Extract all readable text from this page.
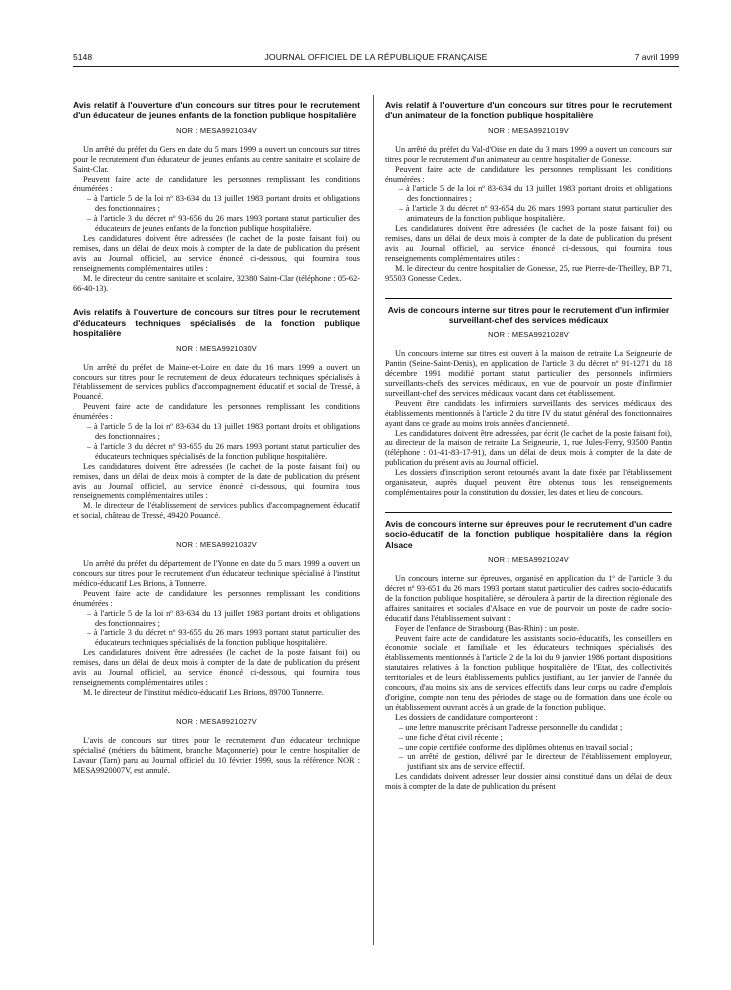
5148	JOURNAL OFFICIEL DE LA RÉPUBLIQUE FRANÇAISE	7 avril 1999
Avis relatif à l'ouverture d'un concours sur titres pour le recrutement d'un éducateur de jeunes enfants de la fonction publique hospitalière
NOR : MESA9921034V

Un arrêté du préfet du Gers en date du 5 mars 1999 a ouvert un concours sur titres pour le recrutement d'un éducateur de jeunes enfants au centre sanitaire et scolaire de Saint-Clar.

Peuvent faire acte de candidature les personnes remplissant les conditions énumérées :

– à l'article 5 de la loi nº 83-634 du 13 juillet 1983 portant droits et obligations des fonctionnaires ;
– à l'article 3 du décret nº 93-656 du 26 mars 1993 portant statut particulier des éducateurs de jeunes enfants de la fonction publique hospitalière.

Les candidatures doivent être adressées (le cachet de la poste faisant foi) ou remises, dans un délai de deux mois à compter de la date de publication du présent avis au Journal officiel, au service énoncé ci-dessous, qui fournira tous renseignements complémentaires utiles :

M. le directeur du centre sanitaire et scolaire, 32380 Saint-Clar (téléphone : 05-62-66-40-13).

Avis relatifs à l'ouverture de concours sur titres pour le recrutement d'éducateurs techniques spécialisés de la fonction publique hospitalière
NOR : MESA9921030V

Un arrêté du préfet de Maine-et-Loire en date du 16 mars 1999 a ouvert un concours sur titres pour le recrutement de deux éducateurs techniques spécialisés à l'établissement de services publics d'accompagnement éducatif et social de Tressé, à Pouancé.

Peuvent faire acte de candidature les personnes remplissant les conditions énumérées :

– à l'article 5 de la loi nº 83-634 du 13 juillet 1983 portant droits et obligations des fonctionnaires ;
– à l'article 3 du décret nº 93-655 du 26 mars 1993 portant statut particulier des éducateurs techniques spécialisés de la fonction publique hospitalière.

Les candidatures doivent être adressées (le cachet de la poste faisant foi) ou remises, dans un délai de deux mois à compter de la date de publication du présent avis au Journal officiel, au service énoncé ci-dessous, qui fournira tous renseignements complémentaires utiles :

M. le directeur de l'établissement de services publics d'accompagnement éducatif et social, château de Tressé, 49420 Pouancé.

NOR : MESA9921032V

Un arrêté du préfet du département de l'Yonne en date du 5 mars 1999 a ouvert un concours sur titres pour le recrutement d'un éducateur technique spécialisé à l'institut médico-éducatif Les Brions, à Tonnerre.

Peuvent faire acte de candidature les personnes remplissant les conditions énumérées :

– à l'article 5 de la loi nº 83-634 du 13 juillet 1983 portant droits et obligations des fonctionnaires ;
– à l'article 3 du décret nº 93-655 du 26 mars 1993 portant statut particulier des éducateurs techniques spécialisés de la fonction publique hospitalière.

Les candidatures doivent être adressées (le cachet de la poste faisant foi) ou remises, dans un délai de deux mois à compter de la date de publication du présent avis au Journal officiel, au service énoncé ci-dessous, qui fournira tous renseignements complémentaires utiles :

M. le directeur de l'institut médico-éducatif Les Brions, 89700 Tonnerre.

NOR : MESA9921027V

L'avis de concours sur titres pour le recrutement d'un éducateur technique spécialisé (métiers du bâtiment, branche Maçonnerie) pour le centre hospitalier de Lavaur (Tarn) paru au Journal officiel du 10 février 1999, sous la référence NOR : MESA9920007V, est annulé.

Avis relatif à l'ouverture d'un concours sur titres pour le recrutement d'un animateur de la fonction publique hospitalière
NOR : MESA9921019V

Un arrêté du préfet du Val-d'Oise en date du 3 mars 1999 a ouvert un concours sur titres pour le recrutement d'un animateur au centre hospitalier de Gonesse.

Peuvent faire acte de candidature les personnes remplissant les conditions énumérées :

– à l'article 5 de la loi nº 83-634 du 13 juillet 1983 portant droits et obligations des fonctionnaires ;
– à l'article 3 du décret nº 93-654 du 26 mars 1993 portant statut particulier des animateurs de la fonction publique hospitalière.

Les candidatures doivent être adressées (le cachet de la poste faisant foi) ou remises, dans un délai de deux mois à compter de la date de publication du présent avis au Journal officiel, au service énoncé ci-dessous, qui fournira tous renseignements complémentaires utiles :

M. le directeur du centre hospitalier de Gonesse, 25, rue Pierre-de-Theilley, BP 71, 95503 Gonesse Cedex.

Avis de concours interne sur titres pour le recrutement d'un infirmier surveillant-chef des services médicaux
NOR : MESA9921028V

Un concours interne sur titres est ouvert à la maison de retraite La Seigneurie de Pantin (Seine-Saint-Denis), en application de l'article 3 du décret nº 91-1271 du 18 décembre 1991 modifié portant statut particulier des personnels infirmiers surveillants-chefs des services médicaux, en vue de pourvoir un poste d'infirmier surveillant-chef des services médicaux vacant dans cet établissement.

Peuvent être candidats les infirmiers surveillants des services médicaux des établissements mentionnés à l'article 2 du titre IV du statut général des fonctionnaires ayant dans ce grade au moins trois années d'ancienneté.

Les candidatures doivent être adressées, par écrit (le cachet de la poste faisant foi), au directeur de la maison de retraite La Seigneurie, 1, rue Jules-Ferry, 93500 Pantin (téléphone : 01-41-83-17-91), dans un délai de deux mois à compter de la date de publication du présent avis au Journal officiel.

Les dossiers d'inscription seront retournés avant la date fixée par l'établissement organisateur, auprès duquel peuvent être obtenus tous les renseignements complémentaires pour la constitution du dossier, les dates et lieu de concours.

Avis de concours interne sur épreuves pour le recrutement d'un cadre socio-éducatif de la fonction publique hospitalière dans la région Alsace
NOR : MESA9921024V

Un concours interne sur épreuves, organisé en application du 1º de l'article 3 du décret nº 93-651 du 26 mars 1993 portant statut particulier des cadres socio-éducatifs de la fonction publique hospitalière, se déroulera à partir de la direction régionale des affaires sanitaires et sociales d'Alsace en vue de pourvoir un poste de cadre socio-éducatif dans l'établissement suivant :

Foyer de l'enfance de Strasbourg (Bas-Rhin) : un poste.

Peuvent faire acte de candidature les assistants socio-éducatifs, les conseillers en économie sociale et familiale et les éducateurs techniques spécialisés des établissements mentionnés à l'article 2 de la loi du 9 janvier 1986 portant dispositions statutaires relatives à la fonction publique hospitalière de l'Etat, des collectivités territoriales et de leurs établissements publics justifiant, au 1er janvier de l'année du concours, d'au moins six ans de services effectifs dans leur corps ou cadre d'emplois d'origine, compte non tenu des périodes de stage ou de formation dans une école ou un établissement ouvrant accès à un grade de la fonction publique.

Les dossiers de candidature comporteront :

– une lettre manuscrite précisant l'adresse personnelle du candidat ;
– une fiche d'état civil récente ;
– une copie certifiée conforme des diplômes obtenus en travail social ;
– un arrêté de gestion, délivré par le directeur de l'établissement employeur, justifiant six ans de service effectif.

Les candidats doivent adresser leur dossier ainsi constitué dans un délai de deux mois à compter de la date de publication du présent
